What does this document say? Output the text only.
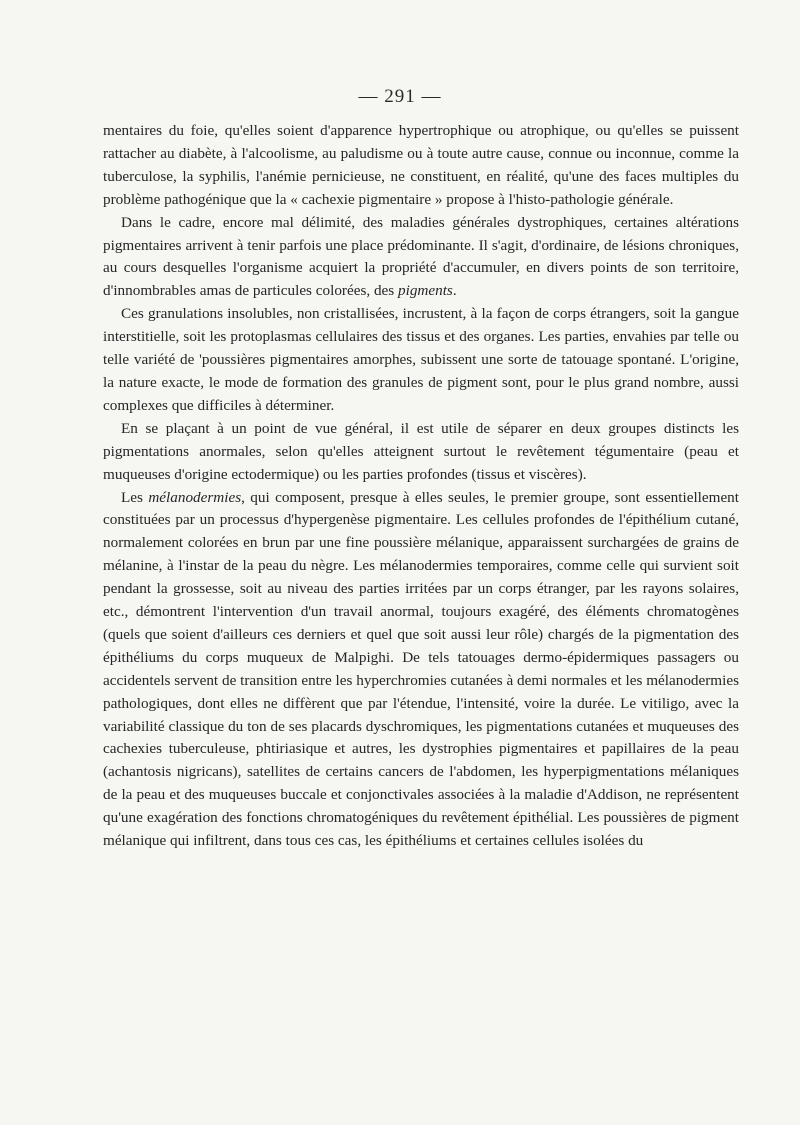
— 291 —

mentaires du foie, qu'elles soient d'apparence hypertrophique ou atrophique, ou qu'elles se puissent rattacher au diabète, à l'alcoolisme, au paludisme ou à toute autre cause, connue ou inconnue, comme la tuberculose, la syphilis, l'anémie pernicieuse, ne constituent, en réalité, qu'une des faces multiples du problème pathogénique que la « cachexie pigmentaire » propose à l'histo-pathologie générale.

Dans le cadre, encore mal délimité, des maladies générales dystrophiques, certaines altérations pigmentaires arrivent à tenir parfois une place prédominante. Il s'agit, d'ordinaire, de lésions chroniques, au cours desquelles l'organisme acquiert la propriété d'accumuler, en divers points de son territoire, d'innombrables amas de particules colorées, des pigments.

Ces granulations insolubles, non cristallisées, incrustent, à la façon de corps étrangers, soit la gangue interstitielle, soit les protoplasmas cellulaires des tissus et des organes. Les parties, envahies par telle ou telle variété de 'poussières pigmentaires amorphes, subissent une sorte de tatouage spontané. L'origine, la nature exacte, le mode de formation des granules de pigment sont, pour le plus grand nombre, aussi complexes que difficiles à déterminer.

En se plaçant à un point de vue général, il est utile de séparer en deux groupes distincts les pigmentations anormales, selon qu'elles atteignent surtout le revêtement tégumentaire (peau et muqueuses d'origine ectodermique) ou les parties profondes (tissus et viscères).

Les mélanodermies, qui composent, presque à elles seules, le premier groupe, sont essentiellement constituées par un processus d'hypergenèse pigmentaire. Les cellules profondes de l'épithélium cutané, normalement colorées en brun par une fine poussière mélanique, apparaissent surchargées de grains de mélanine, à l'instar de la peau du nègre. Les mélanodermies temporaires, comme celle qui survient soit pendant la grossesse, soit au niveau des parties irritées par un corps étranger, par les rayons solaires, etc., démontrent l'intervention d'un travail anormal, toujours exagéré, des éléments chromatogènes (quels que soient d'ailleurs ces derniers et quel que soit aussi leur rôle) chargés de la pigmentation des épithéliums du corps muqueux de Malpighi. De tels tatouages dermo-épidermiques passagers ou accidentels servent de transition entre les hyperchromies cutanées à demi normales et les mélanodermies pathologiques, dont elles ne diffèrent que par l'étendue, l'intensité, voire la durée. Le vitiligo, avec la variabilité classique du ton de ses placards dyschromiques, les pigmentations cutanées et muqueuses des cachexies tuberculeuse, phtiriasique et autres, les dystrophies pigmentaires et papillaires de la peau (achantosis nigricans), satellites de certains cancers de l'abdomen, les hyperpigmentations mélaniques de la peau et des muqueuses buccale et conjonctivales associées à la maladie d'Addison, ne représentent qu'une exagération des fonctions chromatogéniques du revêtement épithélial. Les poussières de pigment mélanique qui infiltrent, dans tous ces cas, les épithéliums et certaines cellules isolées du
